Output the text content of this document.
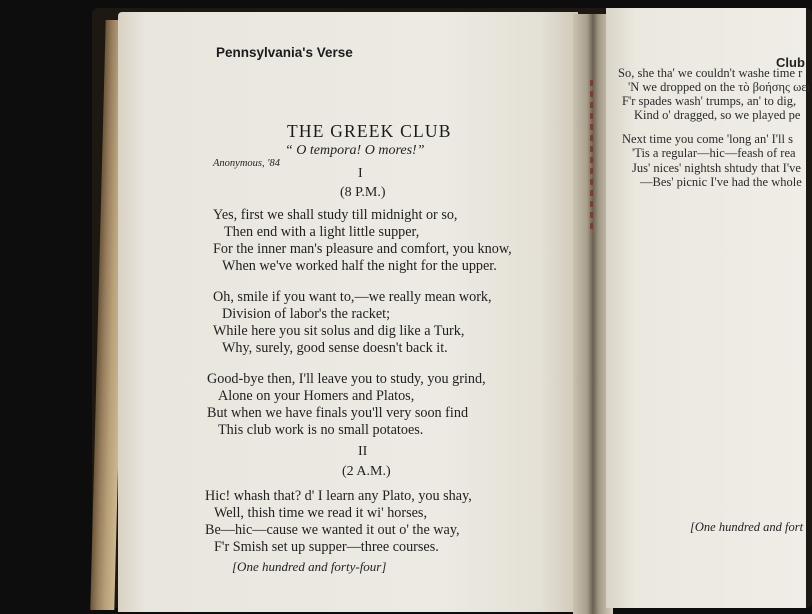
Pennsylvania's Verse
THE GREEK CLUB
“ O tempora! O mores!”
Anonymous, '84
I
(8 P.M.)
Yes, first we shall study till midnight or so,
Then end with a light little supper,
For the inner man's pleasure and comfort, you know,
When we've worked half the night for the upper.
Oh, smile if you want to,—we really mean work,
Division of labor's the racket;
While here you sit solus and dig like a Turk,
Why, surely, good sense doesn't back it.
Good-bye then, I'll leave you to study, you grind,
Alone on your Homers and Platos,
But when we have finals you'll very soon find
This club work is no small potatoes.
II
(2 A.M.)
Hic! whash that? d' I learn any Plato, you shay,
Well, thish time we read it wi' horses,
Be—hic—cause we wanted it out o' the way,
F'r Smish set up supper—three courses.
[One hundred and forty-four]
Club
So, she tha' we couldn't washe time r
'N we dropped on the τὸ βοήσης ωει
F'r spades wash' trumps, an' to dig,
Kind o' dragged, so we played pe
Next time you come 'long an' I'll s
'Tis a regular—hic—feash of rea
Jus' nices' nightsh shtudy that I've
—Bes' picnic I've had the whole
[One hundred and fort
